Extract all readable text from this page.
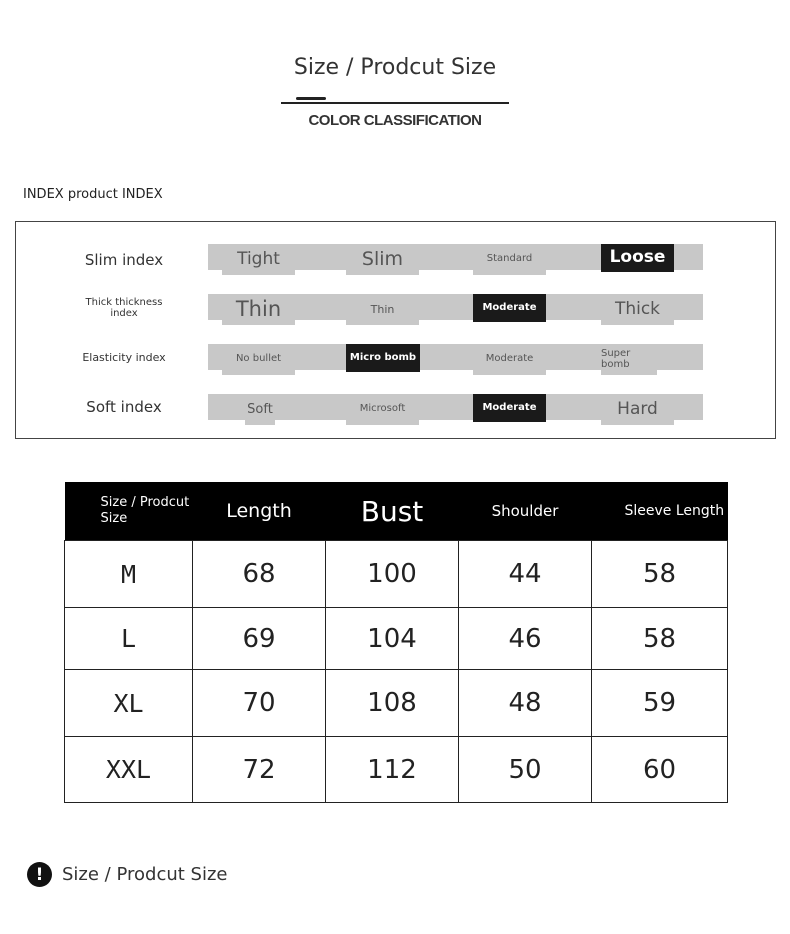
Size / Prodcut Size
COLOR CLASSIFICATION
INDEX product INDEX
Slim index	Tight	Slim	Standard	Loose
Thick thickness index	Thin	Thin	Moderate	Thick
Elasticity index	No bullet	Micro bomb	Moderate	Super bomb
Soft index	Soft	Microsoft	Moderate	Hard
Size / Prodcut Size	Length	Bust	Shoulder	Sleeve Length
M	68	100	44	58
L	69	104	46	58
XL	70	108	48	59
XXL	72	112	50	60
!	Size / Prodcut Size
